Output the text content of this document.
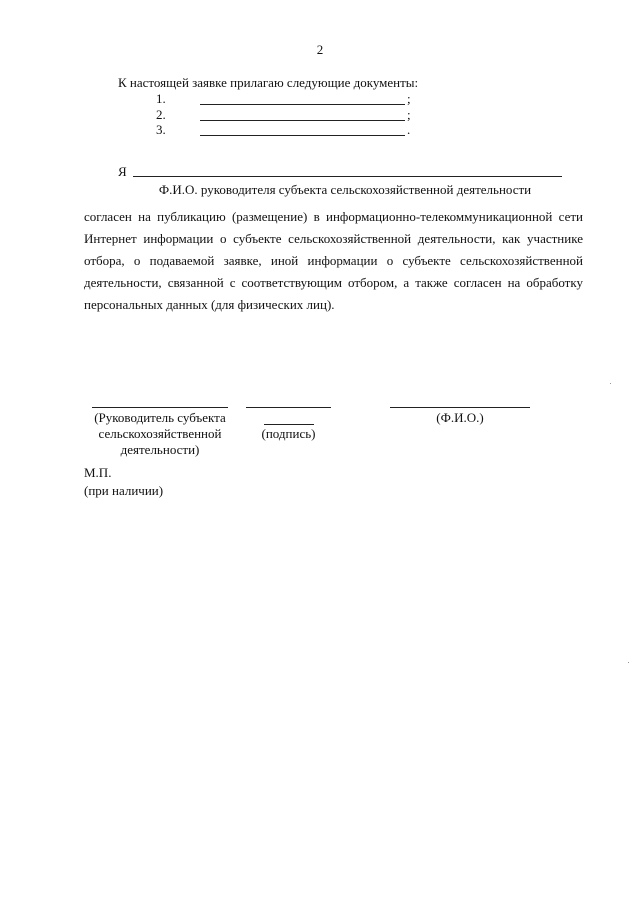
2
К настоящей заявке прилагаю следующие документы:
1.	;
2.	;
3.	.
Я
Ф.И.О. руководителя субъекта сельскохозяйственной деятельности
согласен на публикацию (размещение) в информационно-телекоммуникационной сети Интернет информации о субъекте сельскохозяйственной деятельности, как участнике отбора, о подаваемой заявке, иной информации о субъекте сельскохозяйственной деятельности, связанной с соответствующим отбором, а также согласен на обработку персональных данных (для физических лиц).
(Руководитель субъекта сельскохозяйственной деятельности)
(подпись)
(Ф.И.О.)
М.П.
(при наличии)
